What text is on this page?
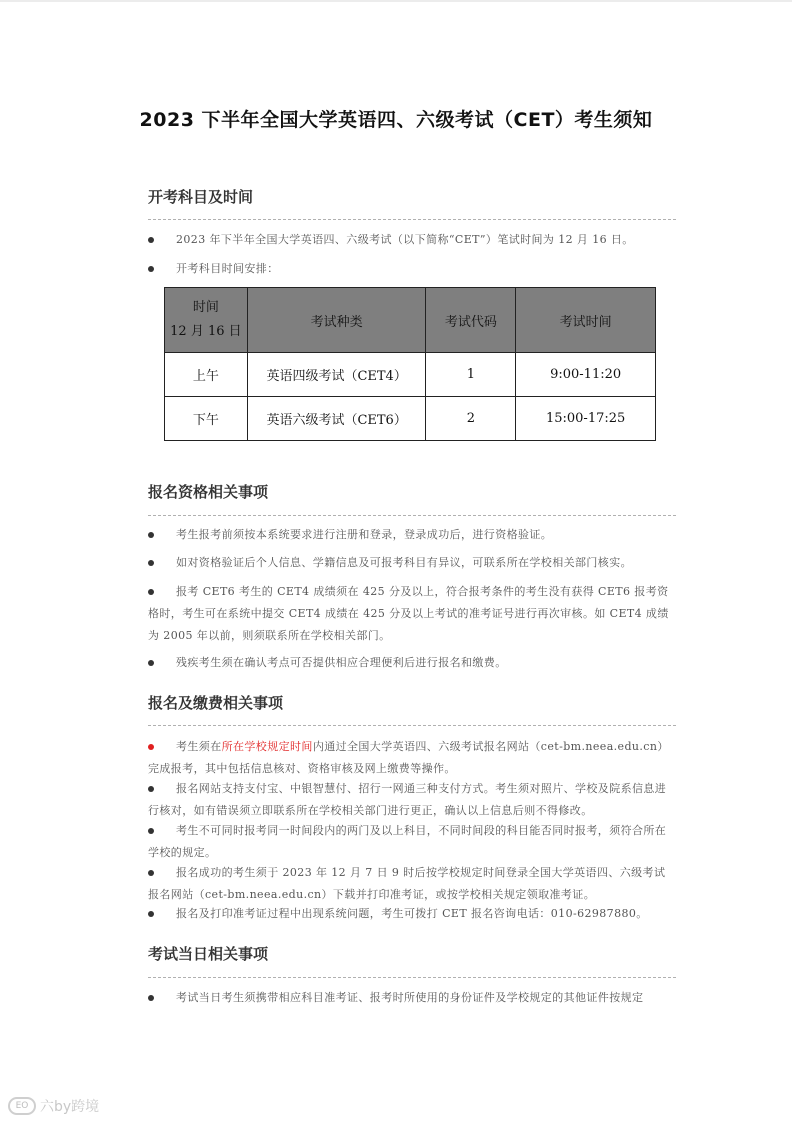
2023 下半年全国大学英语四、六级考试（CET）考生须知
开考科目及时间
2023 年下半年全国大学英语四、六级考试（以下简称“CET”）笔试时间为 12 月 16 日。
开考科目时间安排：
时间
12 月 16 日	考试种类	考试代码	考试时间
上午	英语四级考试（CET4）	1	9:00-11:20
下午	英语六级考试（CET6）	2	15:00-17:25
报名资格相关事项
考生报考前须按本系统要求进行注册和登录，登录成功后，进行资格验证。
如对资格验证后个人信息、学籍信息及可报考科目有异议，可联系所在学校相关部门核实。
报考 CET6 考生的 CET4 成绩须在 425 分及以上，符合报考条件的考生没有获得 CET6 报考资格时，考生可在系统中提交 CET4 成绩在 425 分及以上考试的准考证号进行再次审核。如 CET4 成绩为 2005 年以前，则须联系所在学校相关部门。
残疾考生须在确认考点可否提供相应合理便利后进行报名和缴费。
报名及缴费相关事项
考生须在所在学校规定时间内通过全国大学英语四、六级考试报名网站（cet-bm.neea.edu.cn）完成报考，其中包括信息核对、资格审核及网上缴费等操作。
报名网站支持支付宝、中银智慧付、招行一网通三种支付方式。考生须对照片、学校及院系信息进行核对，如有错误须立即联系所在学校相关部门进行更正，确认以上信息后则不得修改。
考生不可同时报考同一时间段内的两门及以上科目，不同时间段的科目能否同时报考，须符合所在学校的规定。
报名成功的考生须于 2023 年 12 月 7 日 9 时后按学校规定时间登录全国大学英语四、六级考试报名网站（cet-bm.neea.edu.cn）下载并打印准考证，或按学校相关规定领取准考证。
报名及打印准考证过程中出现系统问题，考生可拨打 CET 报名咨询电话：010-62987880。
考试当日相关事项
考试当日考生须携带相应科目准考证、报考时所使用的身份证件及学校规定的其他证件按规定
EO 六by跨境
